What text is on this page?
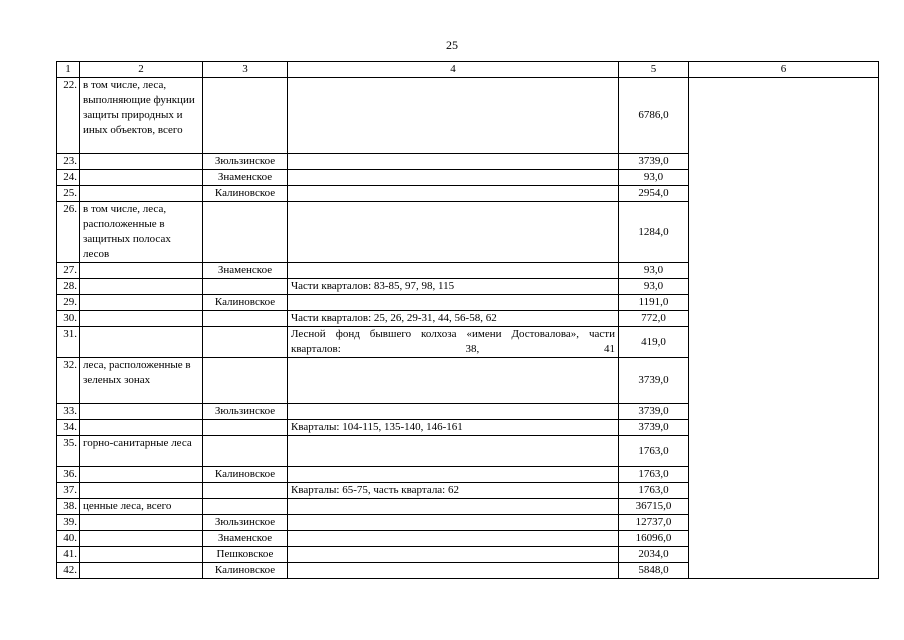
25
1	2	3	4	5	6
22.	в том числе, леса, выполняющие функции защиты природных и иных объектов, всего			6786,0	
23.		Зюльзинское		3739,0	
24.		Знаменское		93,0	
25.		Калиновское		2954,0	
26.	в том числе, леса, расположенные в защитных полосах лесов			1284,0	
27.		Знаменское		93,0	
28.			Части кварталов: 83-85, 97, 98, 115	93,0	
29.		Калиновское		1191,0	
30.			Части кварталов: 25, 26, 29-31, 44, 56-58, 62	772,0	
31.			Лесной фонд бывшего колхоза «имени Достовалова», части кварталов: 38, 41	419,0	
32.	леса, расположенные в зеленых зонах			3739,0	
33.		Зюльзинское		3739,0	
34.			Кварталы: 104-115, 135-140, 146-161	3739,0	
35.	горно-санитарные леса			1763,0	
36.		Калиновское		1763,0	
37.			Кварталы: 65-75, часть квартала: 62	1763,0	
38.	ценные леса, всего			36715,0	
39.		Зюльзинское		12737,0	
40.		Знаменское		16096,0	
41.		Пешковское		2034,0	
42.		Калиновское		5848,0	
